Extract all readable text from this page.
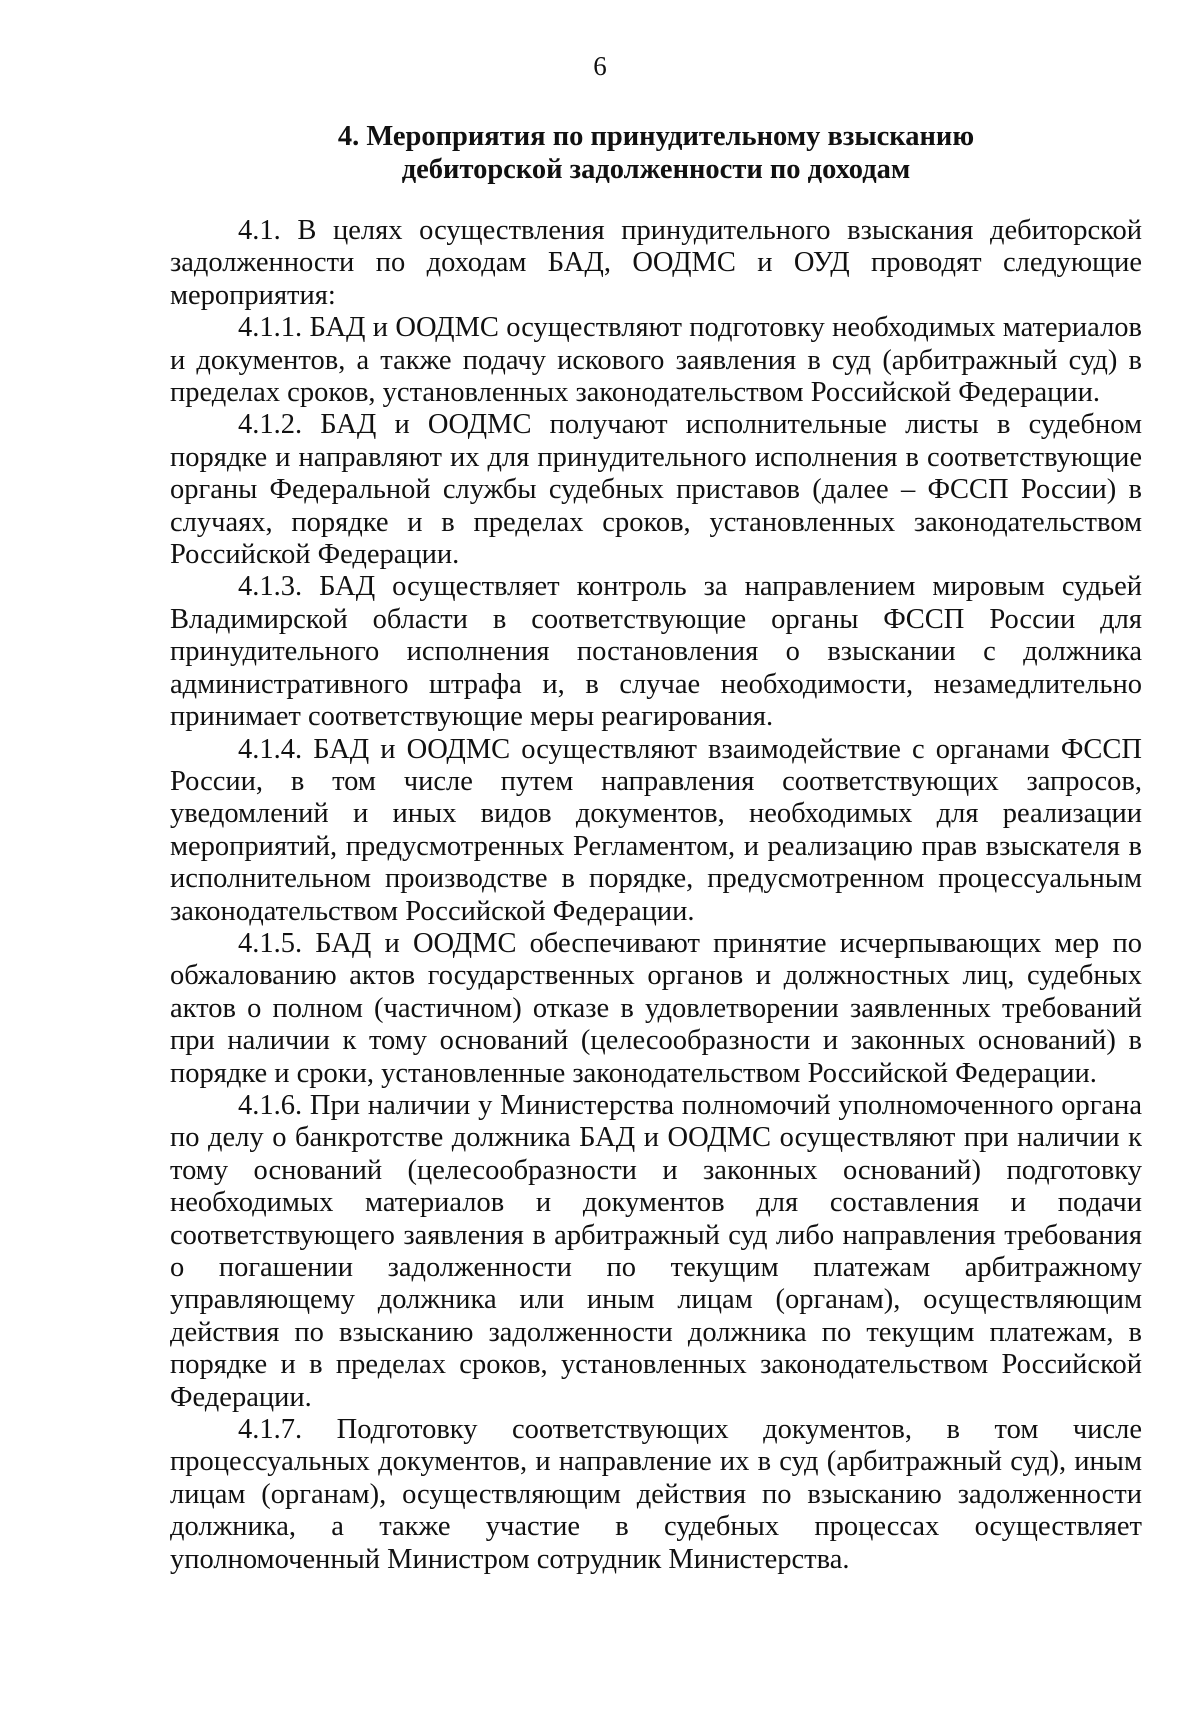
6
4. Мероприятия по принудительному взысканию
дебиторской задолженности по доходам

4.1. В целях осуществления принудительного взыскания дебиторской задолженности по доходам БАД, ООДМС и ОУД проводят следующие мероприятия:

4.1.1. БАД и ООДМС осуществляют подготовку необходимых материалов и документов, а также подачу искового заявления в суд (арбитражный суд) в пределах сроков, установленных законодательством Российской Федерации.

4.1.2. БАД и ООДМС получают исполнительные листы в судебном порядке и направляют их для принудительного исполнения в соответствующие органы Федеральной службы судебных приставов (далее – ФССП России) в случаях, порядке и в пределах сроков, установленных законодательством Российской Федерации.

4.1.3. БАД осуществляет контроль за направлением мировым судьей Владимирской области в соответствующие органы ФССП России для принудительного исполнения постановления о взыскании с должника административного штрафа и, в случае необходимости, незамедлительно принимает соответствующие меры реагирования.

4.1.4. БАД и ООДМС осуществляют взаимодействие с органами ФССП России, в том числе путем направления соответствующих запросов, уведомлений и иных видов документов, необходимых для реализации мероприятий, предусмотренных Регламентом, и реализацию прав взыскателя в исполнительном производстве в порядке, предусмотренном процессуальным законодательством Российской Федерации.

4.1.5. БАД и ООДМС обеспечивают принятие исчерпывающих мер по обжалованию актов государственных органов и должностных лиц, судебных актов о полном (частичном) отказе в удовлетворении заявленных требований при наличии к тому оснований (целесообразности и законных оснований) в порядке и сроки, установленные законодательством Российской Федерации.

4.1.6. При наличии у Министерства полномочий уполномоченного органа по делу о банкротстве должника БАД и ООДМС осуществляют при наличии к тому оснований (целесообразности и законных оснований) подготовку необходимых материалов и документов для составления и подачи соответствующего заявления в арбитражный суд либо направления требования о погашении задолженности по текущим платежам арбитражному управляющему должника или иным лицам (органам), осуществляющим действия по взысканию задолженности должника по текущим платежам, в порядке и в пределах сроков, установленных законодательством Российской Федерации.

4.1.7. Подготовку соответствующих документов, в том числе процессуальных документов, и направление их в суд (арбитражный суд), иным лицам (органам), осуществляющим действия по взысканию задолженности должника, а также участие в судебных процессах осуществляет уполномоченный Министром сотрудник Министерства.
